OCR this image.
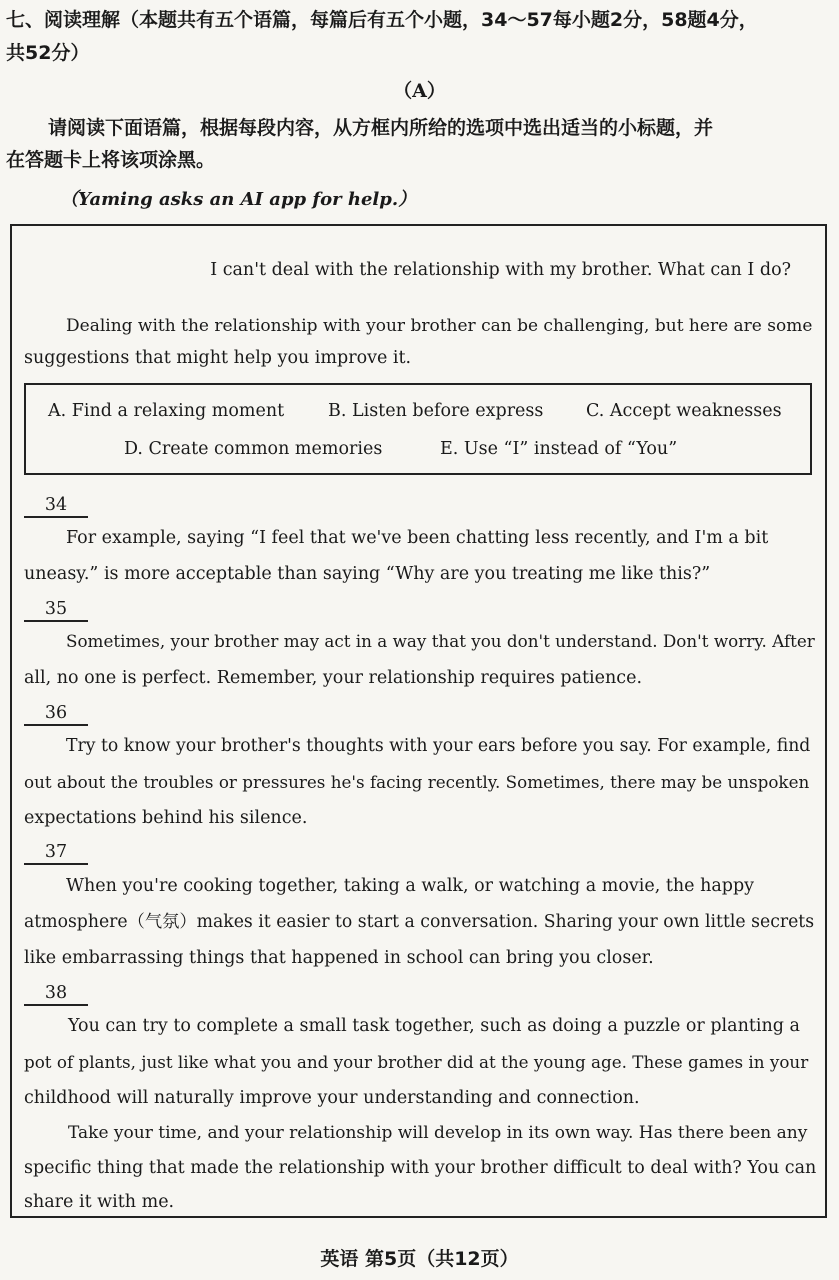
七、阅读理解（本题共有五个语篇，每篇后有五个小题，34～57每小题2分，58题4分，
共52分）
（A）
请阅读下面语篇，根据每段内容，从方框内所给的选项中选出适当的小标题，并
在答题卡上将该项涂黑。
（Yaming asks an AI app for help.）
I can't deal with the relationship with my brother. What can I do?
Dealing with the relationship with your brother can be challenging, but here are some
suggestions that might help you improve it.
A. Find a relaxing moment	B. Listen before express C. Accept weaknesses
D. Create common memories	E. Use “I” instead of “You”
34
For example, saying “I feel that we've been chatting less recently, and I'm a bit
uneasy.” is more acceptable than saying “Why are you treating me like this?”
35
Sometimes, your brother may act in a way that you don't understand. Don't worry. After
all, no one is perfect. Remember, your relationship requires patience.
36
Try to know your brother's thoughts with your ears before you say. For example, find
out about the troubles or pressures he's facing recently. Sometimes, there may be unspoken
expectations behind his silence.
37
When you're cooking together, taking a walk, or watching a movie, the happy
atmosphere（气氛）makes it easier to start a conversation. Sharing your own little secrets
like embarrassing things that happened in school can bring you closer.
38
You can try to complete a small task together, such as doing a puzzle or planting a
pot of plants, just like what you and your brother did at the young age. These games in your
childhood will naturally improve your understanding and connection.
Take your time, and your relationship will develop in its own way. Has there been any
specific thing that made the relationship with your brother difficult to deal with? You can
share it with me.
英语 第5页（共12页）
